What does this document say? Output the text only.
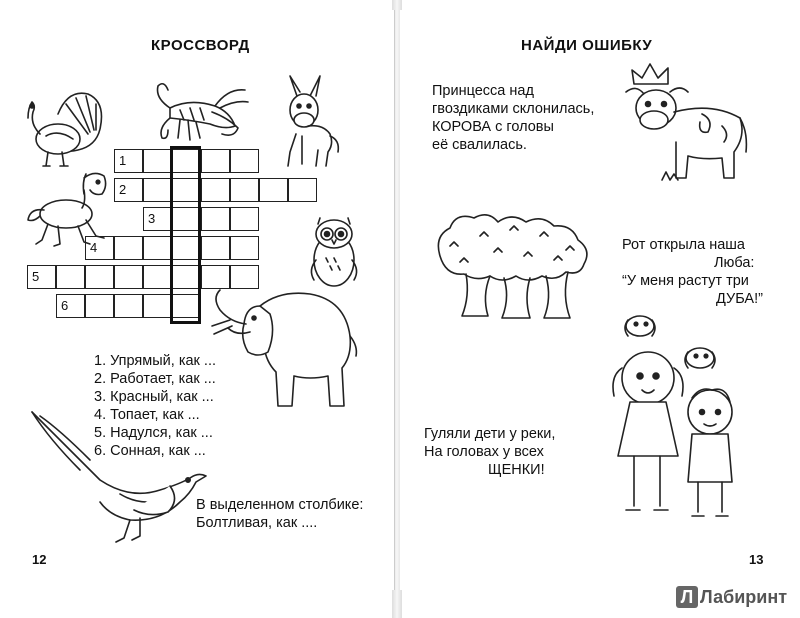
КРОССВОРД
1
2
3
4
5
6
1. Упрямый, как ...
2. Работает, как ...
3. Красный, как ...
4. Топает, как ...
5. Надулся, как ...
6. Сонная, как ...
В выделенном столбике:
Болтливая, как ....
12
НАЙДИ ОШИБКУ
Принцесса над
гвоздиками склонилась,
КОРОВА с головы
её свалилась.
Рот открыла наша
Люба:
“У меня растут три
ДУБА!”
Гуляли дети у реки,
На головах у всех
ЩЕНКИ!
13
Л Лабиринт
